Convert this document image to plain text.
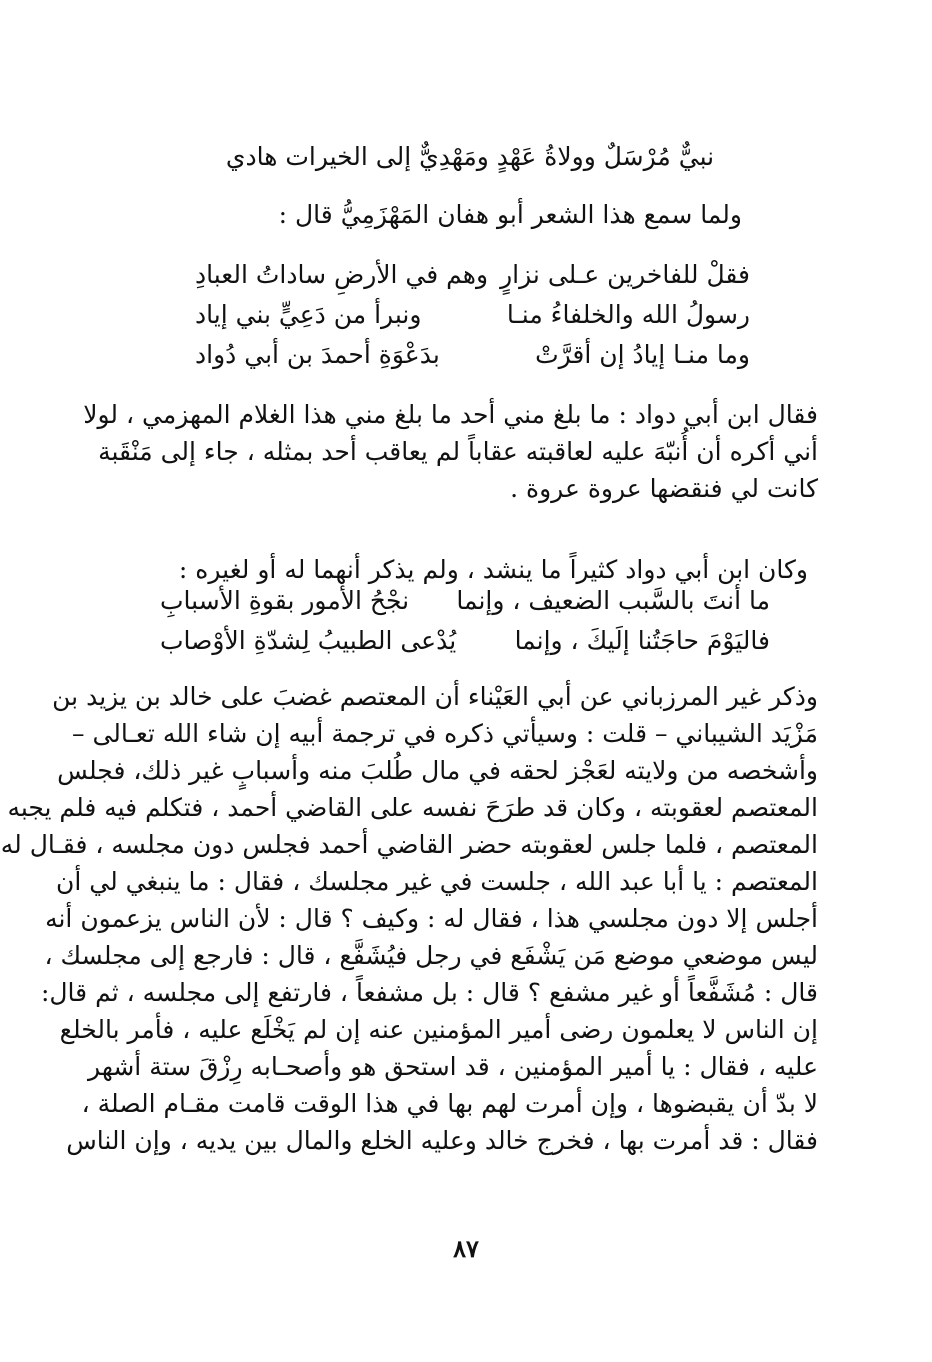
نبيٌّ مُرْسَلٌ وولاةُ عَهْدٍ ومَهْدِيٌّ إلى الخيرات هادي

ولما سمع هذا الشعر أبو هفان المَهْزَمِيُّ قال :

فقلْ للفاخرين عـلى نزارٍ
وهم في الأرضِ ساداتُ العبادِ
رسولُ الله والخلفاءُ منـا
ونبرأ من دَعِيٍّ بني إياد
وما منـا إيادُ إن أقرَّتْ
بدَعْوَةِ أحمدَ بن أبي دُواد
فقال ابن أبي دواد : ما بلغ مني أحد ما بلغ مني هذا الغلام المهزمي ، لولا
أني أكره أن أُنبّهَ عليه لعاقبته عقاباً لم يعاقب أحد بمثله ، جاء إلى مَنْقَبة
كانت لي فنقضها عروة عروة .

وكان ابن أبي دواد كثيراً ما ينشد ، ولم يذكر أنهما له أو لغيره :

ما أنتَ بالسَّبب الضعيف ، وإنما
نجْحُ الأمور بقوةِ الأسبابِ
فاليَوْمَ حاجَتُنا إلَيكَ ، وإنما
يُدْعى الطبيبُ لِشدّةِ الأوْصاب
وذكر غير المرزباني عن أبي العَيْناء أن المعتصم غضبَ على خالد بن يزيد بن
مَزْيَد الشيباني – قلت : وسيأتي ذكره في ترجمة أبيه إن شاء الله تعـالى –
وأشخصه من ولايته لعَجْز لحقه في مال طُلبَ منه وأسبابٍ غير ذلك، فجلس
المعتصم لعقوبته ، وكان قد طرَحَ نفسه على القاضي أحمد ، فتكلم فيه فلم يجبه
المعتصم ، فلما جلس لعقوبته حضر القاضي أحمد فجلس دون مجلسه ، فقـال له
المعتصم : يا أبا عبد الله ، جلست في غير مجلسك ، فقال : ما ينبغي لي أن
أجلس إلا دون مجلسي هذا ، فقال له : وكيف ؟ قال : لأن الناس يزعمون أنه
ليس موضعي موضع مَن يَشْفَع في رجل فيُشَفَّع ، قال : فارجع إلى مجلسك ،
قال : مُشَفَّعاً أو غير مشفع ؟ قال : بل مشفعاً ، فارتفع إلى مجلسه ، ثم قال:
إن الناس لا يعلمون رضى أمير المؤمنين عنه إن لم يَخْلَع عليه ، فأمر بالخلع
عليه ، فقال : يا أمير المؤمنين ، قد استحق هو وأصحـابه رِزْقَ ستة أشهر
لا بدّ أن يقبضوها ، وإن أمرت لهم بها في هذا الوقت قامت مقـام الصلة ،
فقال : قد أمرت بها ، فخرج خالد وعليه الخلع والمال بين يديه ، وإن الناس
٨٧
